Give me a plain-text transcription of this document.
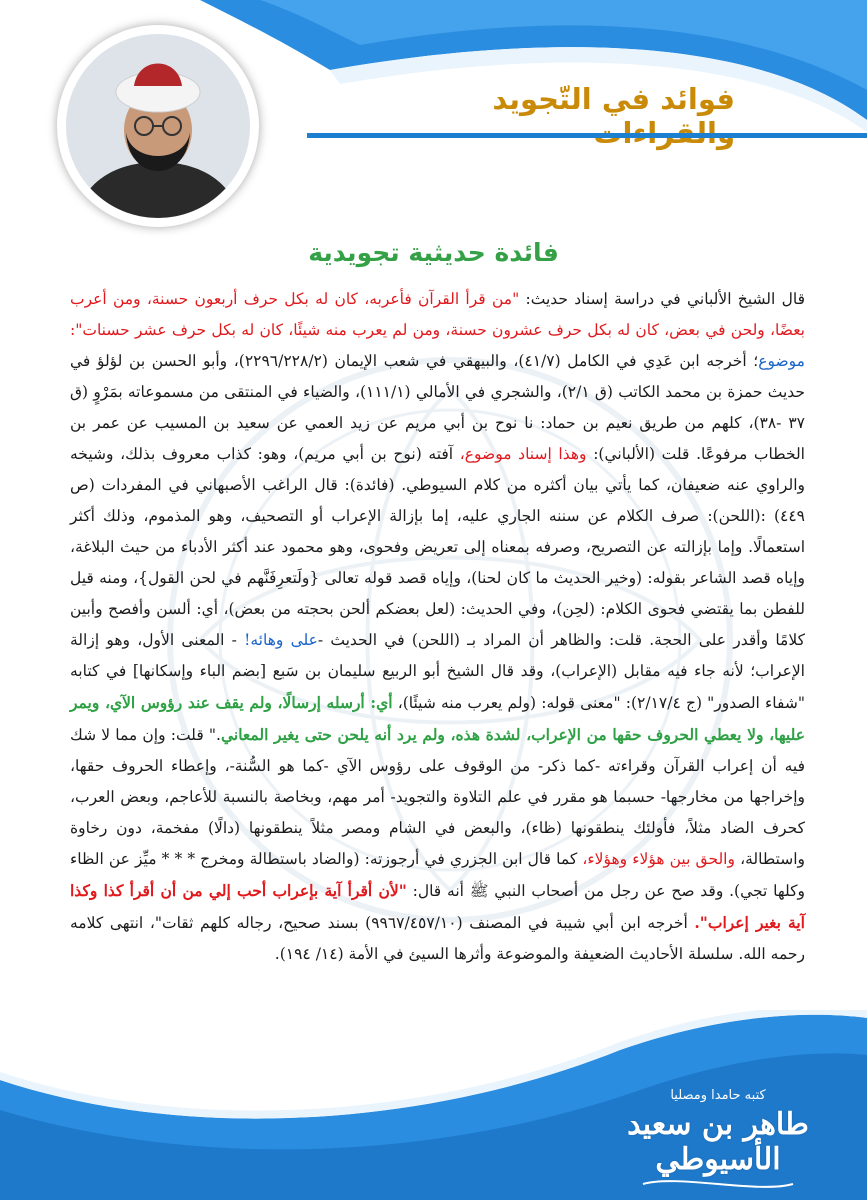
فوائد في التّجويد
فائدة حديثية تجويدية

قال الشيخ الألباني في دراسة إسناد حديث: "من قرأ القرآن فأعربه، كان له بكل حرف أربعون حسنة، ومن أعرب بعضًا، ولحن في بعض، كان له بكل حرف عشرون حسنة، ومن لم يعرب منه شيئًا، كان له بكل حرف عشر حسنات": موضوع؛ أخرجه ابن عَدِي في الكامل (٤١/٧)، والبيهقي في شعب الإيمان (٢٢٩٦/٢٢٨/٢)، وأبو الحسن بن لؤلؤ في حديث حمزة بن محمد الكاتب (ق ٢/١)، والشجري في الأمالي (١١١/١)، والضياء في المنتقى من مسموعاته بمَرْوٍ (ق ٣٧ -٣٨)، كلهم من طريق نعيم بن حماد: نا نوح بن أبي مريم عن زيد العمي عن سعيد بن المسيب عن عمر بن الخطاب مرفوعًا. قلت (الألباني): وهذا إسناد موضوع، آفته (نوح بن أبي مريم)، وهو: كذاب معروف بذلك، وشيخه والراوي عنه ضعيفان، كما يأتي بيان أكثره من كلام السيوطي. (فائدة): قال الراغب الأصبهاني في المفردات (ص ٤٤٩) :(اللحن): صرف الكلام عن سننه الجاري عليه، إما بإزالة الإعراب أو التصحيف، وهو المذموم، وذلك أكثر استعمالًا. وإما بإزالته عن التصريح، وصرفه بمعناه إلى تعريض وفحوى، وهو محمود عند أكثر الأدباء من حيث البلاغة، وإياه قصد الشاعر بقوله: (وخير الحديث ما كان لحنا)، وإياه قصد قوله تعالى {ولَتعرِفَنَّهم في لحن القول}، ومنه قيل للفطن بما يقتضي فحوى الكلام: (لحِن)، وفي الحديث: (لعل بعضكم ألحن بحجته من بعض)، أي: ألسن وأفصح وأبين كلامًا وأقدر على الحجة. قلت: والظاهر أن المراد بـ (اللحن) في الحديث -على وهائه! - المعنى الأول، وهو إزالة الإعراب؛ لأنه جاء فيه مقابل (الإعراب)، وقد قال الشيخ أبو الربيع سليمان بن سَبع [بضم الباء وإسكانها] في كتابه "شفاء الصدور" (ج ٢/١٧/٤): "معنى قوله: (ولم يعرب منه شيئًا)، أي: أرسله إرسالًا، ولم يقف عند رؤوس الآي، ويمر عليها، ولا يعطي الحروف حقها من الإعراب، لشدة هذه، ولم يرد أنه يلحن حتى يغير المعاني." قلت: وإن مما لا شك فيه أن إعراب القرآن وقراءته -كما ذكر- من الوقوف على رؤوس الآي -كما هو السُّنة-، وإعطاء الحروف حقها، وإخراجها من مخارجها- حسبما هو مقرر في علم التلاوة والتجويد- أمر مهم، وبخاصة بالنسبة للأعاجم، وبعض العرب، كحرف الضاد مثلاً، فأولئك ينطقونها (ظاء)، والبعض في الشام ومصر مثلاً ينطقونها (دالًا) مفخمة، دون رخاوة واستطالة، والحق بين هؤلاء وهؤلاء، كما قال ابن الجزري في أرجوزته: (والضاد باستطالة ومخرج * * * ميِّز عن الظاء وكلها تجي). وقد صح عن رجل من أصحاب النبي ﷺ أنه قال: "لأن أقرأ آية بإعراب أحب إلي من أن أقرأ كذا وكذا آية بغير إعراب". أخرجه ابن أبي شيبة في المصنف (٩٩٦٧/٤٥٧/١٠) بسند صحيح، رجاله كلهم ثقات"، انتهى كلامه رحمه الله. سلسلة الأحاديث الضعيفة والموضوعة وأثرها السيئ في الأمة (١٤/ ١٩٤).

كتبه حامدا ومصليا
طاهر بن سعيد الأسيوطي
